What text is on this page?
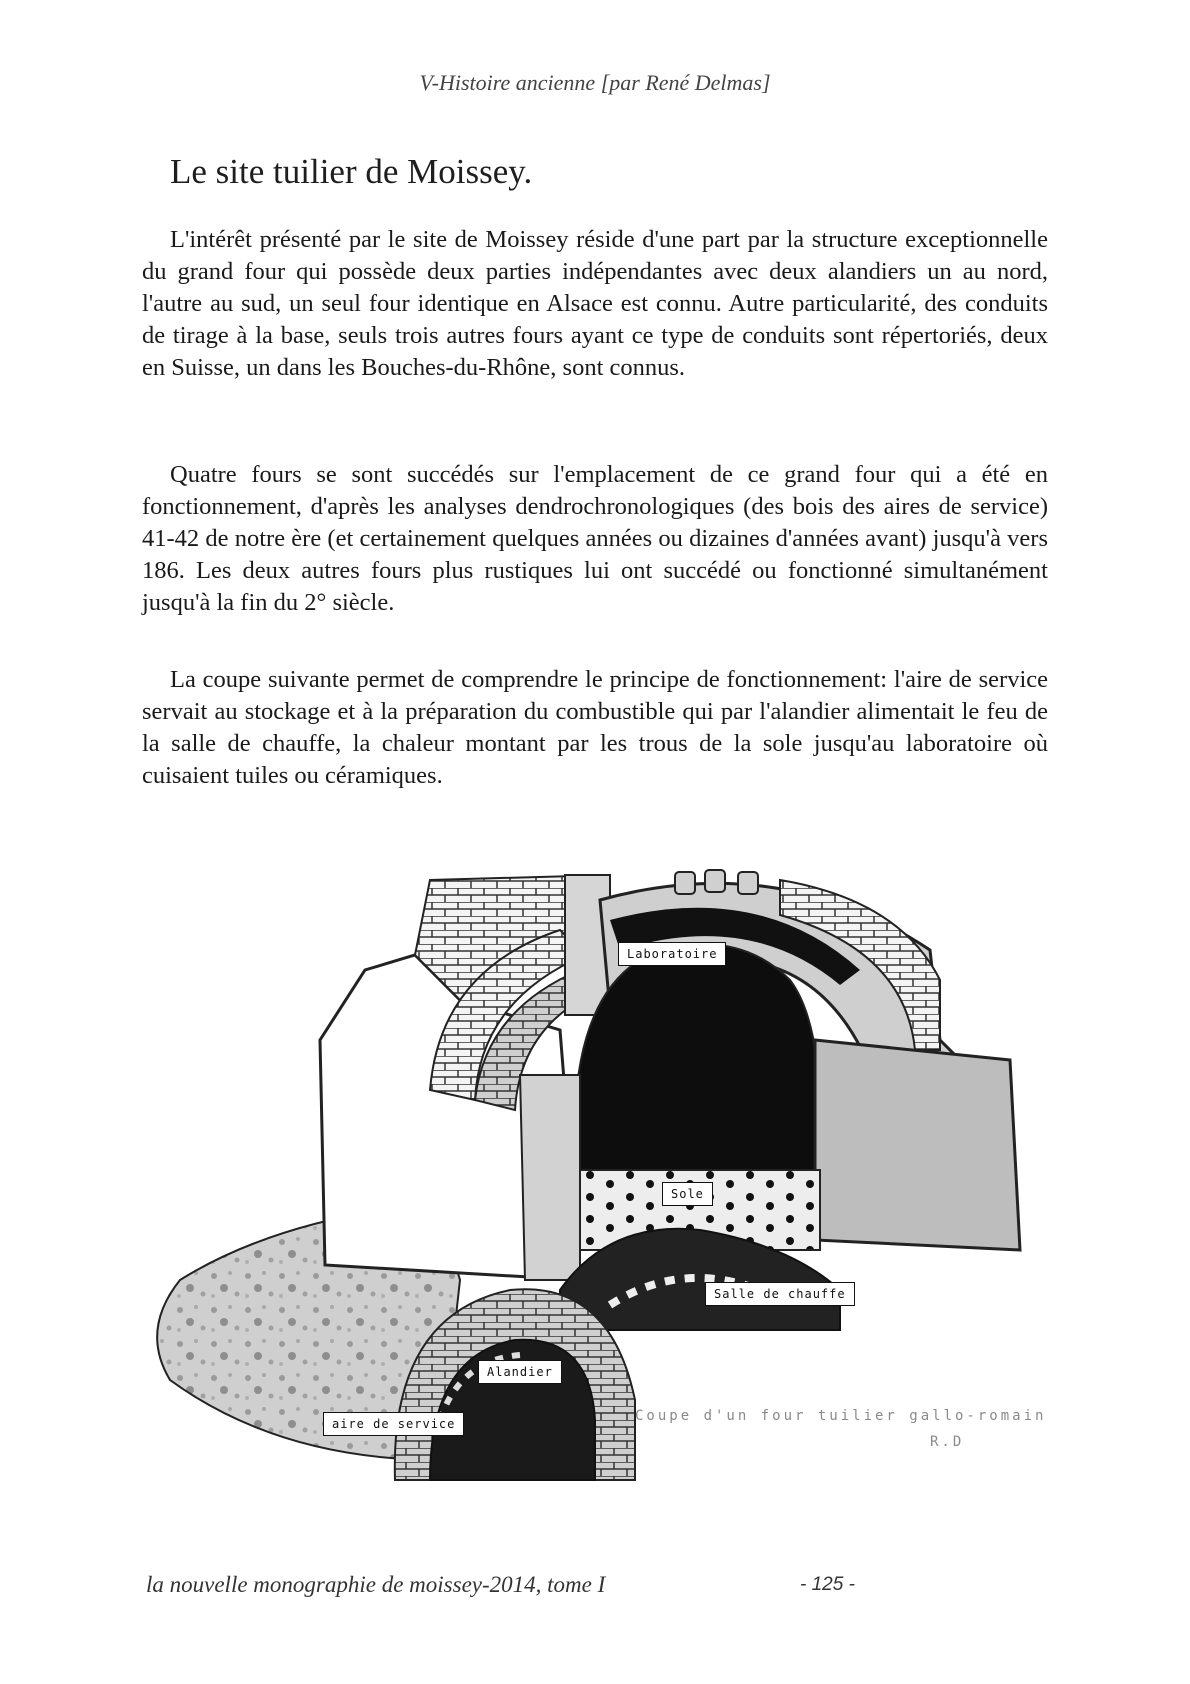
V-Histoire ancienne [par René Delmas]
Le site tuilier de Moissey.

L'intérêt présenté par le site de Moissey réside d'une part par la structure exceptionnelle du grand four qui possède deux parties indépendantes avec deux alandiers un au nord, l'autre au sud, un seul four identique en Alsace est connu. Autre particularité, des conduits de tirage à la base, seuls trois autres fours ayant ce type de conduits sont répertoriés, deux en Suisse, un dans les Bouches-du-Rhône, sont connus.

Quatre fours se sont succédés sur l'emplacement de ce grand four qui a été en fonctionnement, d'après les analyses dendrochronologiques (des bois des aires de service) 41-42 de notre ère (et certainement quelques années ou dizaines d'années avant) jusqu'à vers 186. Les deux autres fours plus rustiques lui ont succédé ou fonctionné simultanément jusqu'à la fin du 2° siècle.

La coupe suivante permet de comprendre le principe de fonctionnement: l'aire de service servait au stockage et à la préparation du combustible qui par l'alandier alimentait le feu de la salle de chauffe, la chaleur montant par les trous de la sole jusqu'au laboratoire où cuisaient tuiles ou céramiques.

Laboratoire
Sole
Salle de chauffe
Alandier
aire de service	Coupe d'un four tuilier gallo-romain
R.D
la nouvelle monographie de moissey-2014, tome I	- 125 -
